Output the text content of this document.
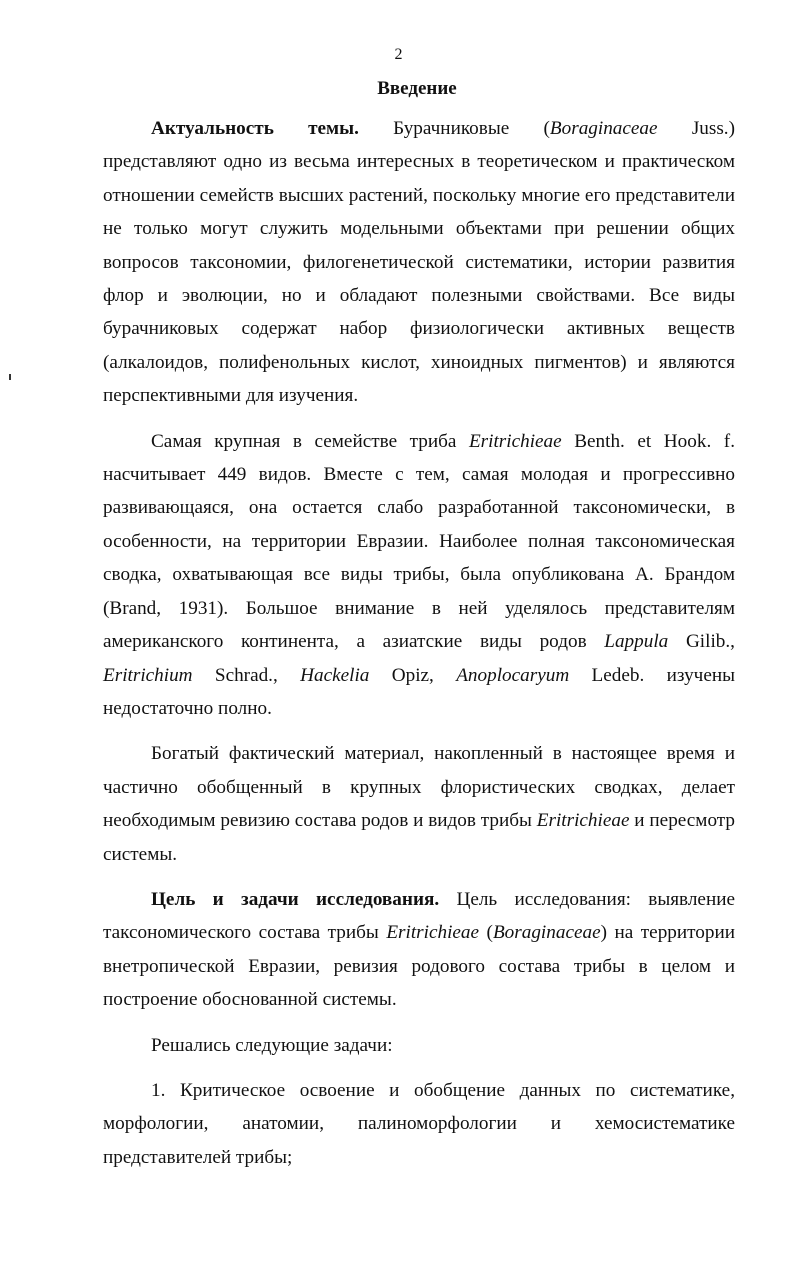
2
Введение

Актуальность темы. Бурачниковые (Boraginaceae Juss.) представляют одно из весьма интересных в теоретическом и практическом отношении семейств высших растений, поскольку многие его представители не только могут служить модельными объектами при решении общих вопросов таксономии, филогенетической систематики, истории развития флор и эволюции, но и обладают полезными свойствами. Все виды бурачниковых содержат набор физиологически активных веществ (алкалоидов, полифенольных кислот, хиноидных пигментов) и являются перспективными для изучения.

Самая крупная в семействе триба Eritrichieae Benth. et Hook. f. насчитывает 449 видов. Вместе с тем, самая молодая и прогрессивно развивающаяся, она остается слабо разработанной таксономически, в особенности, на территории Евразии. Наиболее полная таксономическая сводка, охватывающая все виды трибы, была опубликована А. Брандом (Brand, 1931). Большое внимание в ней уделялось представителям американского континента, а азиатские виды родов Lappula Gilib., Eritrichium Schrad., Hackelia Opiz, Anoplocaryum Ledeb. изучены недостаточно полно.

Богатый фактический материал, накопленный в настоящее время и частично обобщенный в крупных флористических сводках, делает необходимым ревизию состава родов и видов трибы Eritrichieae и пересмотр системы.

Цель и задачи исследования. Цель исследования: выявление таксономического состава трибы Eritrichieae (Boraginaceae) на территории внетропической Евразии, ревизия родового состава трибы в целом и построение обоснованной системы.

Решались следующие задачи:

1. Критическое освоение и обобщение данных по систематике, морфологии, анатомии, палиноморфологии и хемосистематике представителей трибы;
